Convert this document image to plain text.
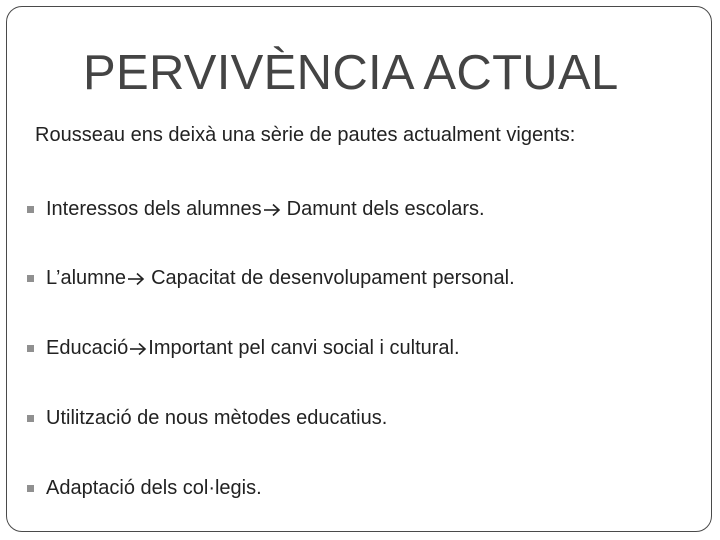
PERVIVÈNCIA ACTUAL
Rousseau ens deixà una sèrie de pautes actualment vigents:
Interessos dels alumnes Damunt dels escolars.
L’alumne Capacitat de desenvolupament personal.
Educació Important pel canvi social i cultural.
Utilització de nous mètodes educatius.
Adaptació dels col·legis.
